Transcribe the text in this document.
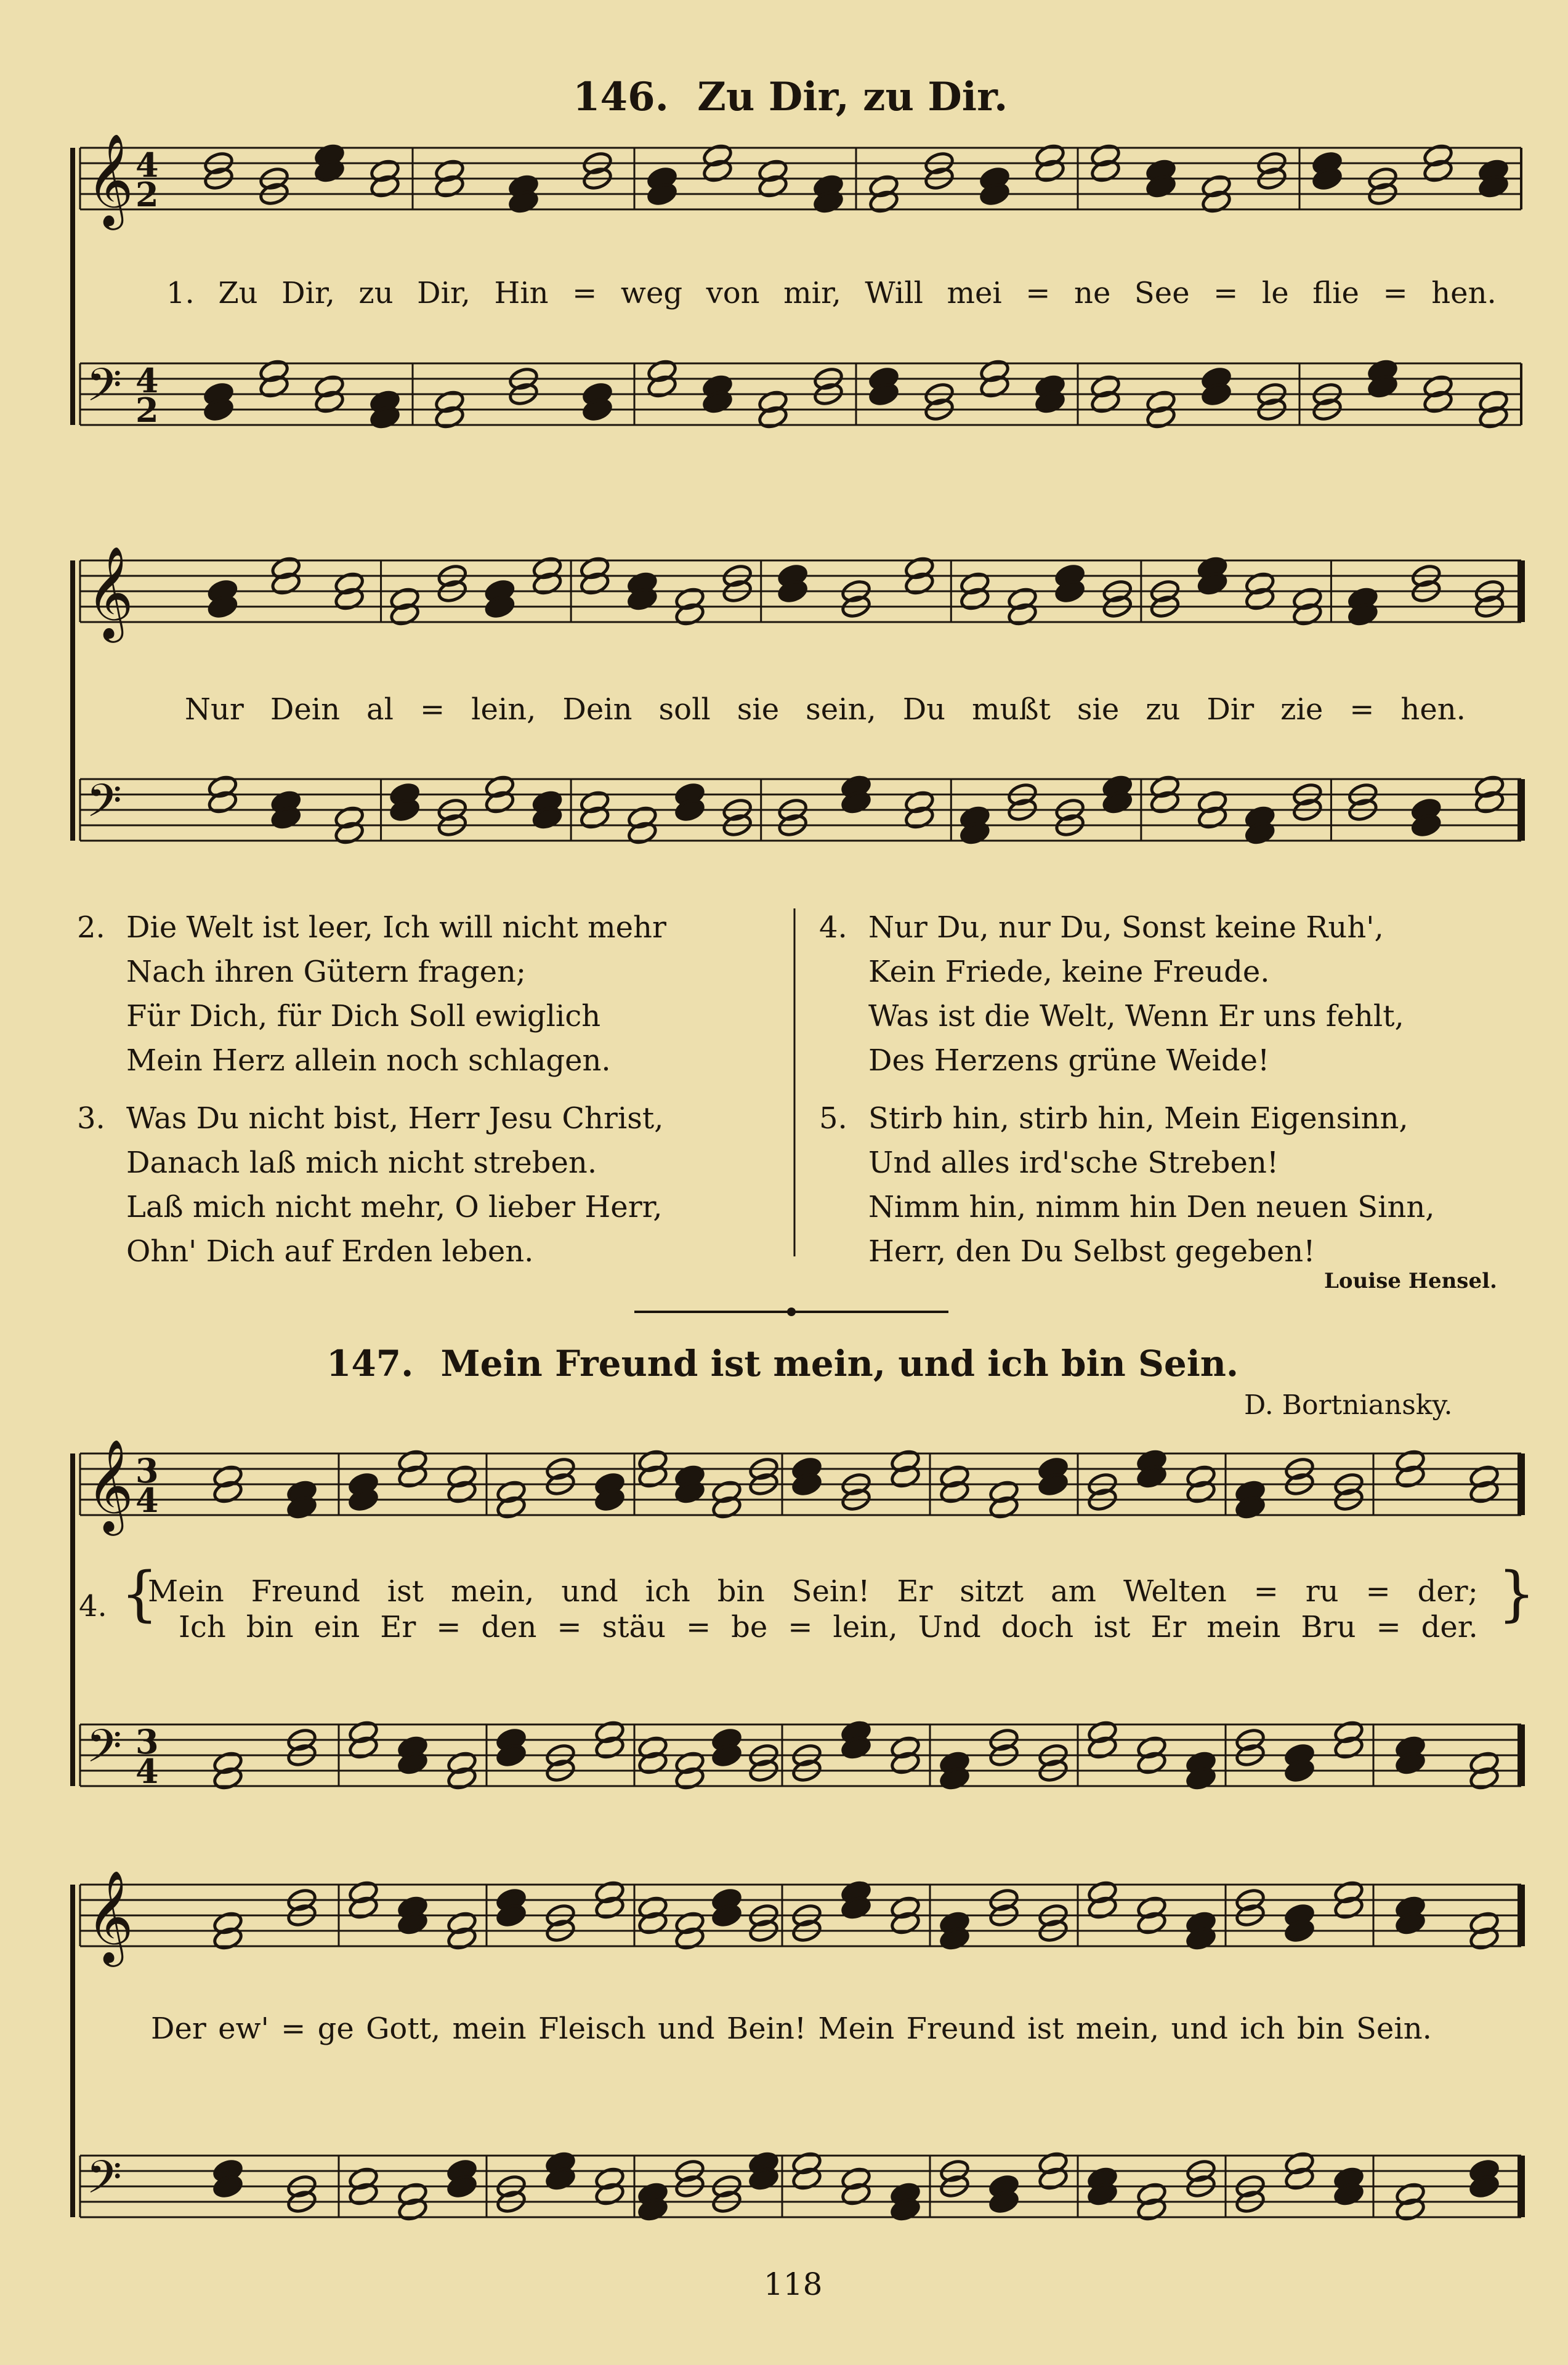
146. Zu Dir, zu Dir.
147. Mein Freund ist mein, und ich bin Sein.
D. Bortniansky.
𝄞
𝄢
𝄞
𝄢
𝄞
𝄢
𝄞
𝄢
4
2
4
2
3
4
3
4
1. Zu Dir, zu Dir, Hin = weg von mir, Will mei = ne See = le flie = hen.
Nur Dein al = lein, Dein soll sie sein, Du mußt sie zu Dir zie = hen.
2. Die Welt ist leer, Ich will nicht mehr
Nach ihren Gütern fragen;
Für Dich, für Dich Soll ewiglich
Mein Herz allein noch schlagen.
3. Was Du nicht bist, Herr Jesu Christ,
Danach laß mich nicht streben.
Laß mich nicht mehr, O lieber Herr,
Ohn' Dich auf Erden leben.
4. Nur Du, nur Du, Sonst keine Ruh',
Kein Friede, keine Freude.
Was ist die Welt, Wenn Er uns fehlt,
Des Herzens grüne Weide!
5. Stirb hin, stirb hin, Mein Eigensinn,
Und alles ird'sche Streben!
Nimm hin, nimm hin Den neuen Sinn,
Herr, den Du Selbst gegeben!
Louise Hensel.
4. {	}
Mein Freund ist mein, und ich bin Sein! Er sitzt am Welten = ru = der;
Ich bin ein Er = den = stäu = be = lein, Und doch ist Er mein Bru = der.
Der ew' = ge Gott, mein Fleisch und Bein! Mein Freund ist mein, und ich bin Sein.
118
